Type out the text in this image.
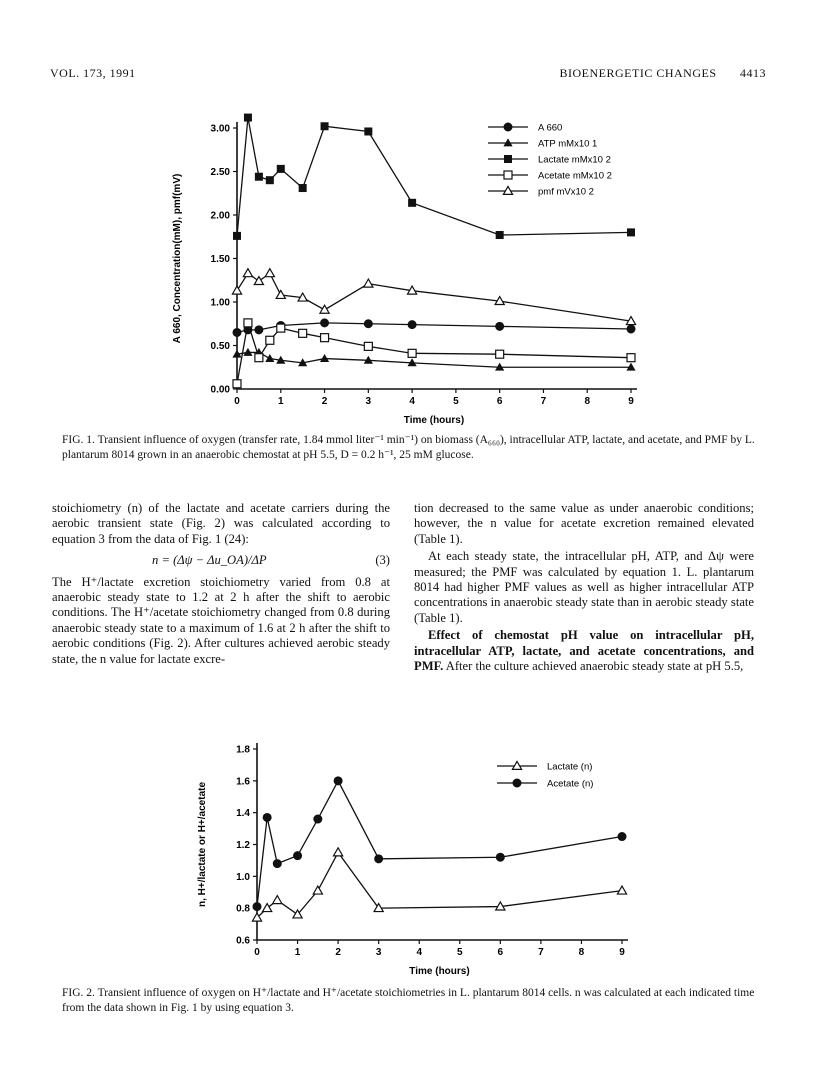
VOL. 173, 1991	BIOENERGETIC CHANGES 4413
0	1	2	3	4	5	6	7	8	9
0.00
0.50
1.00
1.50
2.00
2.50
3.00
Time (hours)
A 660, Concentration(mM), pmf(mV)
A 660
ATP mMx10 1
Lactate mMx10 2
Acetate mMx10 2
pmf mVx10 2
FIG. 1. Transient influence of oxygen (transfer rate, 1.84 mmol liter⁻¹ min⁻¹) on biomass (A₆₆₀), intracellular ATP, lactate, and acetate, and PMF by L. plantarum 8014 grown in an anaerobic chemostat at pH 5.5, D = 0.2 h⁻¹, 25 mM glucose.
0	1	2	3	4	5	6	7	8	9
0.6
0.8
1.0
1.2
1.4
1.6
1.8
Time (hours)
n, H+/lactate or H+/acetate
Lactate (n)
Acetate (n)
FIG. 2. Transient influence of oxygen on H⁺/lactate and H⁺/acetate stoichiometries in L. plantarum 8014 cells. n was calculated at each indicated time from the data shown in Fig. 1 by using equation 3.

stoichiometry (n) of the lactate and acetate carriers during the aerobic transient state (Fig. 2) was calculated according to equation 3 from the data of Fig. 1 (24):

n = (Δψ − Δu_OA)/ΔP	(3)

The H⁺/lactate excretion stoichiometry varied from 0.8 at anaerobic steady state to 1.2 at 2 h after the shift to aerobic conditions. The H⁺/acetate stoichiometry changed from 0.8 during anaerobic steady state to a maximum of 1.6 at 2 h after the shift to aerobic conditions (Fig. 2). After cultures achieved aerobic steady state, the n value for lactate excre-

tion decreased to the same value as under anaerobic conditions; however, the n value for acetate excretion remained elevated (Table 1).

At each steady state, the intracellular pH, ATP, and Δψ were measured; the PMF was calculated by equation 1. L. plantarum 8014 had higher PMF values as well as higher intracellular ATP concentrations in anaerobic steady state than in aerobic steady state (Table 1).

Effect of chemostat pH value on intracellular pH, intracellular ATP, lactate, and acetate concentrations, and PMF. After the culture achieved anaerobic steady state at pH 5.5,
